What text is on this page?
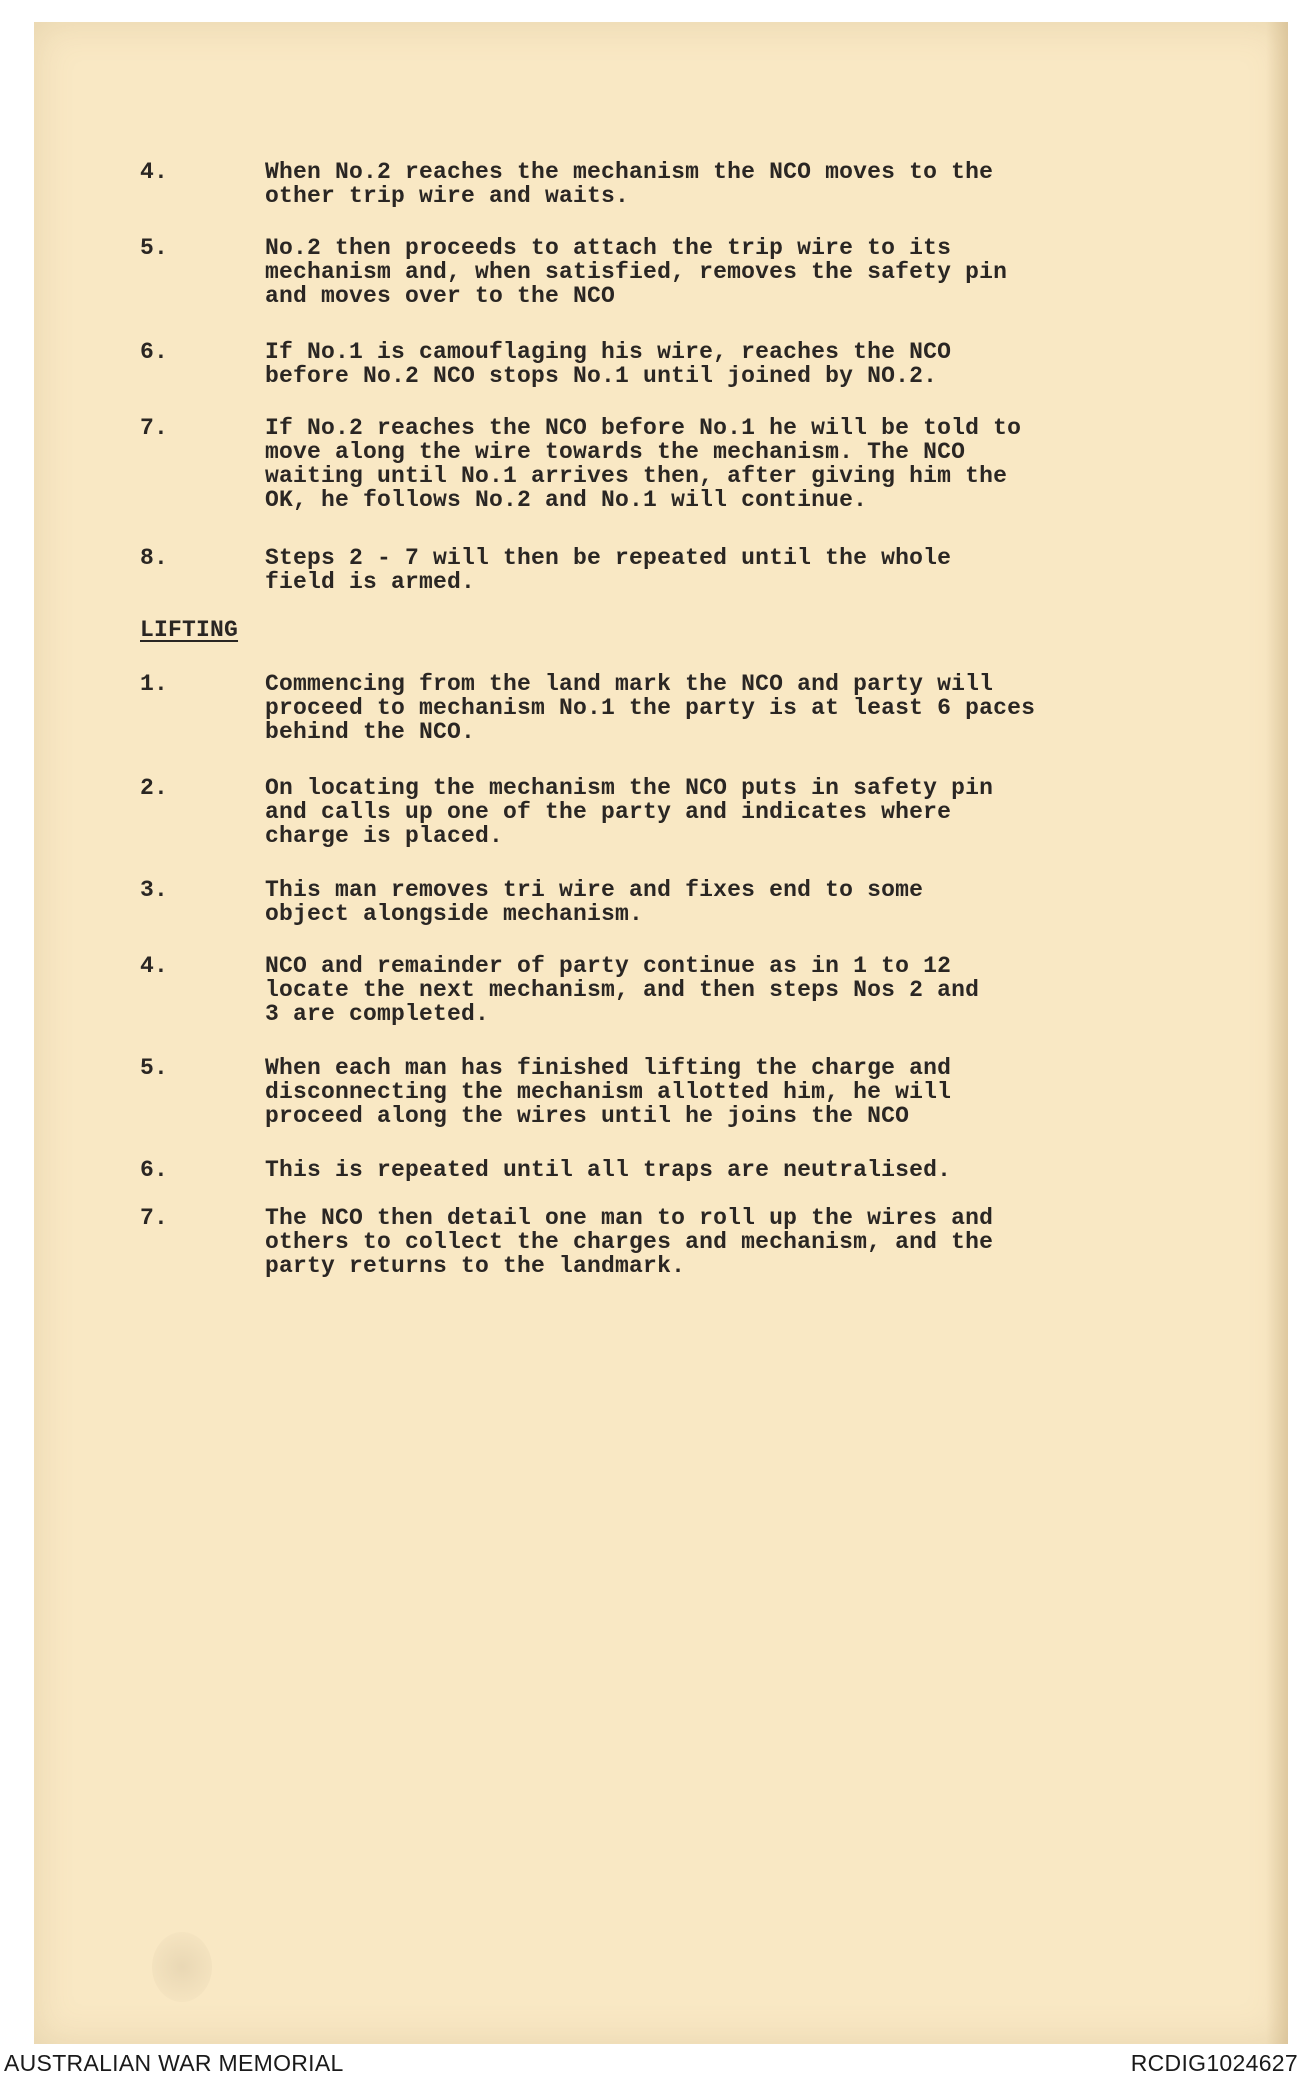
4.	When No.2 reaches the mechanism the NCO moves to the
other trip wire and waits.
5.	No.2 then proceeds to attach the trip wire to its
mechanism and, when satisfied, removes the safety pin
and moves over to the NCO
6.	If No.1 is camouflaging his wire, reaches the NCO
before No.2 NCO stops No.1 until joined by NO.2.
7.	If No.2 reaches the NCO before No.1 he will be told to
move along the wire towards the mechanism. The NCO
waiting until No.1 arrives then, after giving him the
OK, he follows No.2 and No.1 will continue.
8.	Steps 2 - 7 will then be repeated until the whole
field is armed.
LIFTING
1.	Commencing from the land mark the NCO and party will
proceed to mechanism No.1 the party is at least 6 paces
behind the NCO.
2.	On locating the mechanism the NCO puts in safety pin
and calls up one of the party and indicates where
charge is placed.
3.	This man removes tri wire and fixes end to some
object alongside mechanism.
4.	NCO and remainder of party continue as in 1 to 12
locate the next mechanism, and then steps Nos 2 and
3 are completed.
5.	When each man has finished lifting the charge and
disconnecting the mechanism allotted him, he will
proceed along the wires until he joins the NCO
6.	This is repeated until all traps are neutralised.
7.	The NCO then detail one man to roll up the wires and
others to collect the charges and mechanism, and the
party returns to the landmark.
AUSTRALIAN WAR MEMORIAL	RCDIG1024627
